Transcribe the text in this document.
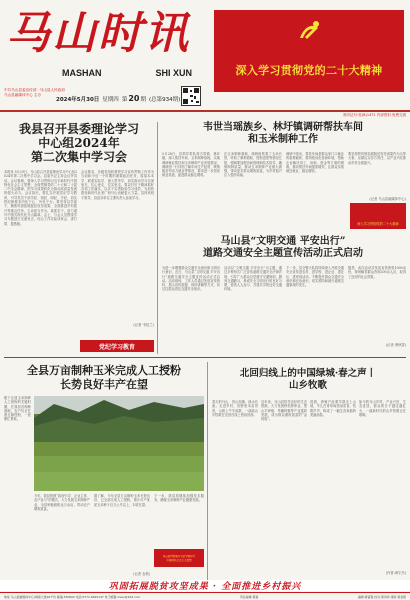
马 山 时 讯
中共马山县委宣传部 · 马山县人民政府
马山县融媒体中心 主办
MASHAN	SHI XUN
2024年5月30日 星期四 第 20 期 (总第934期)
深入学习贯彻党的二十大精神
准印证号:桂(B)1471 内部资料 免费交流
我县召开县委理论学习
中心组2024年
第二次集中学习会
本报讯 5月29日，马山县召开县委理论学习中心组2024年第二次集中学习会。县委书记主持会议并讲话。会议强调，要深入学习贯彻习近平新时代中国特色社会主义思想，全面贯彻党的二十大和二十届二中全会精神，把学习成果转化为推动高质量发展的强大动力。会议指出，要扎实开展党纪学习教育，引导党员干部学纪、知纪、明纪、守纪，切实把纪律要求内化于心、外化于行。要坚持以学促干，聚焦巩固拓展脱贫攻坚成果、全面推进乡村振兴等重点任务，主动担当作为，真抓实干，奋力谱写中国式现代化马山篇章。会上，与会人员围绕学习专题进行交流发言，结合工作实际谈体会、讲打算、提措施。
会议要求，各级党组织要把学习宣传贯彻工作作为当前和今后一个时期的重要政治任务，原原本本学、联系实际学、深入思考学，切实推动学习往深里走、往心里走、往实里走。要以钉钉子精神抓好各项工作落实，以实干实绩检验学习成效，为加快建设新时代壮美广西马山贡献更大力量。县四家班子领导，县直各单位主要负责人参加学习。
(记者 韦桂兰)
党纪学习教育
韦世当瑶族乡、林圩镇调研帮扶车间
和玉米制种工作
5月28日，县领导带队到古零镇、林圩镇，深入帮扶车间、玉米制种基地，实地调研就业帮扶和玉米制种产业发展情况。调研组一行详细了解车间生产经营、吸纳脱贫劳动力就业等情况，要求进一步拓宽就业渠道，促进群众稳定增收。
在玉米制种基地，调研组察看了玉米长势，听取了制种面积、授粉进度等情况汇报，强调要加强田间管理和技术指导，确保制种质量，推动玉米制种产业做大做强，带动更多群众增收致富，为乡村振兴注入强劲动能。
调研中指出，帮扶车间是群众家门口就业的重要载体，要持续优化营商环境，帮助企业解决用工、用地、资金等方面的困难，推动帮扶车间提质增效，让群众实现就近就业、稳定增收。
要坚持把巩固拓展脱贫攻坚成果作为头等大事，压紧压实各方责任，以产业兴旺推动乡村全面振兴。
(记者 马山县融媒体中心)
深入学习贯彻党的二十大精神
马山县“文明交通 平安出行”
道路交通安全主题宣传活动正式启动
为进一步增强群众交通安全意识和文明出行意识，近日，马山县“文明交通 平安出行”道路交通安全主题宣传活动正式启动。活动现场，工作人员通过发放宣传资料、展示宣传展板、现场讲解等方式，向过往群众普及交通安全知识。
活动以“文明交通 平安出行”为主题，通过多种形式广泛宣传道路交通安全法律法规，引导广大群众自觉遵守交通规则，摒弃交通陋习，养成安全文明出行的良好习惯，营造人人参与、共建共享的良好交通环境。
下一步，县交警大队将持续深入开展交通安全宣传进农村、进学校、进企业、进社区、进家庭活动，不断提升群众交通安全意识和法治意识，切实预防和减少道路交通事故的发生。
据悉，此次活动共发放宣传资料1000余份，现场解答群众咨询200余人次，取得了良好的社会效果。
(记者 黄秋香)
全县万亩制种玉米完成人工授粉
长势良好丰产在望
眼下正值玉米制种人工授粉的关键时期，在我县各制种基地，农户们正忙着去雄授粉，一派繁忙景象。
今年，我县按照“政府引导、企业主体、农户参与”的模式，大力发展玉米制种产业，全县种植面积达万余亩，带动农户增收致富。
据了解，今年全县万亩制种玉米长势良好，已全部完成人工授粉，预计可产优质玉米种子百万公斤以上，丰收在望。
下一步，我县将继续加强技术服务，确保玉米制种产业健康发展。
马山县贯彻落实习近平新时代
中国特色社会主义思想
(记者 农秋)
北回归线上的中国绿城·春之声丨
山乡牧歌
春天的马山，青山如黛，绿水长流。走进乡村，田野里禾苗青青，山坡上牛羊成群，一曲曲山乡牧歌在北回归线上悠扬回荡。
近年来，马山县依托良好的生态资源，大力发展特色种养业，黑山羊养殖、旱藕种植等产业蓬勃发展，成为群众增收致富的“金钥匙”。
清晨，养殖户赶着羊群走上山坡，羊儿在青草间悠闲觅食，牧歌声声，构成了一幅生态和谐的美丽画卷。
如今的马山乡村，产业兴旺、生态宜居，群众的日子越过越红火，一曲新时代的山乡牧歌正在唱响。
(作者:黄宇杰)
巩固拓展脱贫攻坚成果 · 全面推进乡村振兴
地址:马山县融媒体中心(城南大道207号) 邮编:530600 电话:0771-6822147 电子邮箱:mssx@163.com	责任编辑:黄富	编辑:黄富强 校对:黄凤珍 排版:黄金棋
